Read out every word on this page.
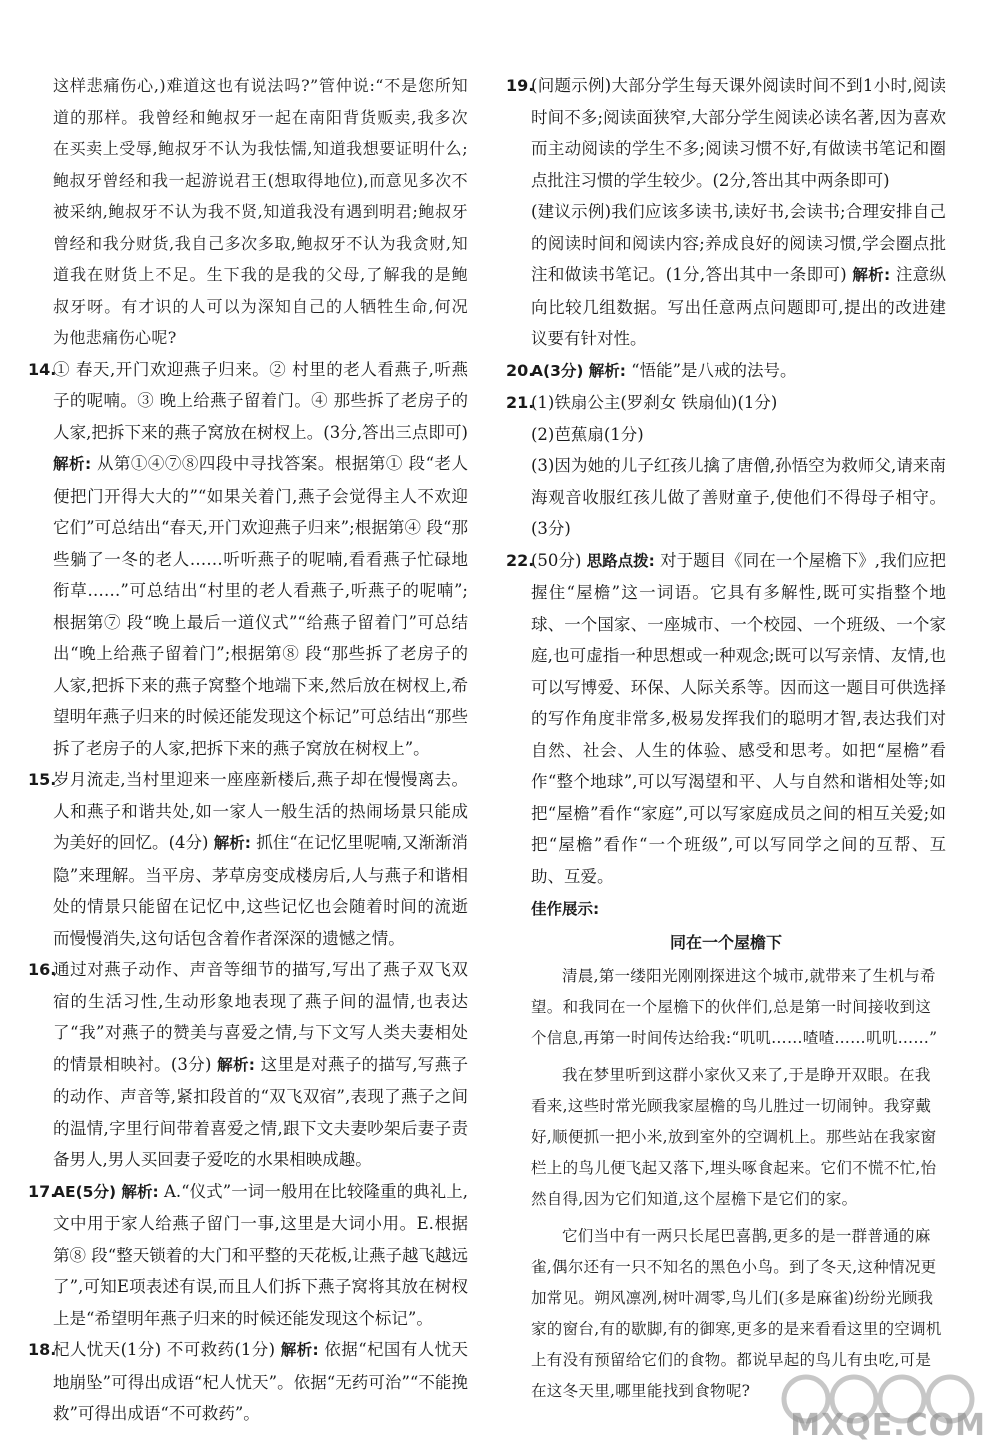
这样悲痛伤心,)难道这也有说法吗?”管仲说:“不是您所知道的那样。我曾经和鲍叔牙一起在南阳背货贩卖,我多次在买卖上受辱,鲍叔牙不认为我怯懦,知道我想要证明什么;鲍叔牙曾经和我一起游说君王(想取得地位),而意见多次不被采纳,鲍叔牙不认为我不贤,知道我没有遇到明君;鲍叔牙曾经和我分财货,我自己多次多取,鲍叔牙不认为我贪财,知道我在财货上不足。生下我的是我的父母,了解我的是鲍叔牙呀。有才识的人可以为深知自己的人牺牲生命,何况为他悲痛伤心呢?

14.
① 春天,开门欢迎燕子归来。② 村里的老人看燕子,听燕子的呢喃。③ 晚上给燕子留着门。④ 那些拆了老房子的人家,把拆下来的燕子窝放在树杈上。(3分,答出三点即可) 解析: 从第①④⑦⑧四段中寻找答案。根据第① 段“老人便把门开得大大的”“如果关着门,燕子会觉得主人不欢迎它们”可总结出“春天,开门欢迎燕子归来”;根据第④ 段“那些躺了一冬的老人……听听燕子的呢喃,看看燕子忙碌地衔草……”可总结出“村里的老人看燕子,听燕子的呢喃”;根据第⑦ 段“晚上最后一道仪式”“给燕子留着门”可总结出“晚上给燕子留着门”;根据第⑧ 段“那些拆了老房子的人家,把拆下来的燕子窝整个地端下来,然后放在树杈上,希望明年燕子归来的时候还能发现这个标记”可总结出“那些拆了老房子的人家,把拆下来的燕子窝放在树杈上”。
15.
岁月流走,当村里迎来一座座新楼后,燕子却在慢慢离去。人和燕子和谐共处,如一家人一般生活的热闹场景只能成为美好的回忆。(4分) 解析: 抓住“在记忆里呢喃,又渐渐消隐”来理解。当平房、茅草房变成楼房后,人与燕子和谐相处的情景只能留在记忆中,这些记忆也会随着时间的流逝而慢慢消失,这句话包含着作者深深的遗憾之情。
16.
通过对燕子动作、声音等细节的描写,写出了燕子双飞双宿的生活习性,生动形象地表现了燕子间的温情,也表达了“我”对燕子的赞美与喜爱之情,与下文写人类夫妻相处的情景相映衬。(3分) 解析: 这里是对燕子的描写,写燕子的动作、声音等,紧扣段首的“双飞双宿”,表现了燕子之间的温情,字里行间带着喜爱之情,跟下文夫妻吵架后妻子责备男人,男人买回妻子爱吃的水果相映成趣。
17.
AE(5分) 解析: A.“仪式”一词一般用在比较隆重的典礼上,文中用于家人给燕子留门一事,这里是大词小用。E.根据第⑧ 段“整天锁着的大门和平整的天花板,让燕子越飞越远了”,可知E项表述有误,而且人们拆下燕子窝将其放在树杈上是“希望明年燕子归来的时候还能发现这个标记”。
18.
杞人忧天(1分) 不可救药(1分) 解析: 依据“杞国有人忧天地崩坠”可得出成语“杞人忧天”。依据“无药可治”“不能挽救”可得出成语“不可救药”。
19.
(问题示例)大部分学生每天课外阅读时间不到1小时,阅读时间不多;阅读面狭窄,大部分学生阅读必读名著,因为喜欢而主动阅读的学生不多;阅读习惯不好,有做读书笔记和圈点批注习惯的学生较少。(2分,答出其中两条即可)
(建议示例)我们应该多读书,读好书,会读书;合理安排自己的阅读时间和阅读内容;养成良好的阅读习惯,学会圈点批注和做读书笔记。(1分,答出其中一条即可) 解析: 注意纵向比较几组数据。写出任意两点问题即可,提出的改进建议要有针对性。
20.
A(3分) 解析: “悟能”是八戒的法号。
21.
(1)铁扇公主(罗刹女 铁扇仙)(1分)
(2)芭蕉扇(1分)
(3)因为她的儿子红孩儿擒了唐僧,孙悟空为救师父,请来南海观音收服红孩儿做了善财童子,使他们不得母子相守。(3分)
22.
(50分) 思路点拨: 对于题目《同在一个屋檐下》,我们应把握住“屋檐”这一词语。它具有多解性,既可实指整个地球、一个国家、一座城市、一个校园、一个班级、一个家庭,也可虚指一种思想或一种观念;既可以写亲情、友情,也可以写博爱、环保、人际关系等。因而这一题目可供选择的写作角度非常多,极易发挥我们的聪明才智,表达我们对自然、社会、人生的体验、感受和思考。如把“屋檐”看作“整个地球”,可以写渴望和平、人与自然和谐相处等;如把“屋檐”看作“家庭”,可以写家庭成员之间的相互关爱;如把“屋檐”看作“一个班级”,可以写同学之间的互帮、互助、互爱。
佳作展示:
同在一个屋檐下

清晨,第一缕阳光刚刚探进这个城市,就带来了生机与希望。和我同在一个屋檐下的伙伴们,总是第一时间接收到这个信息,再第一时间传达给我:“叽叽……喳喳……叽叽……”

我在梦里听到这群小家伙又来了,于是睁开双眼。在我看来,这些时常光顾我家屋檐的鸟儿胜过一切闹钟。我穿戴好,顺便抓一把小米,放到室外的空调机上。那些站在我家窗栏上的鸟儿便飞起又落下,埋头啄食起来。它们不慌不忙,怡然自得,因为它们知道,这个屋檐下是它们的家。

它们当中有一两只长尾巴喜鹊,更多的是一群普通的麻雀,偶尔还有一只不知名的黑色小鸟。到了冬天,这种情况更加常见。朔风凛冽,树叶凋零,鸟儿们(多是麻雀)纷纷光顾我家的窗台,有的歇脚,有的御寒,更多的是来看看这里的空调机上有没有预留给它们的食物。都说早起的鸟儿有虫吃,可是在这冬天里,哪里能找到食物呢?

MXQE.COM
